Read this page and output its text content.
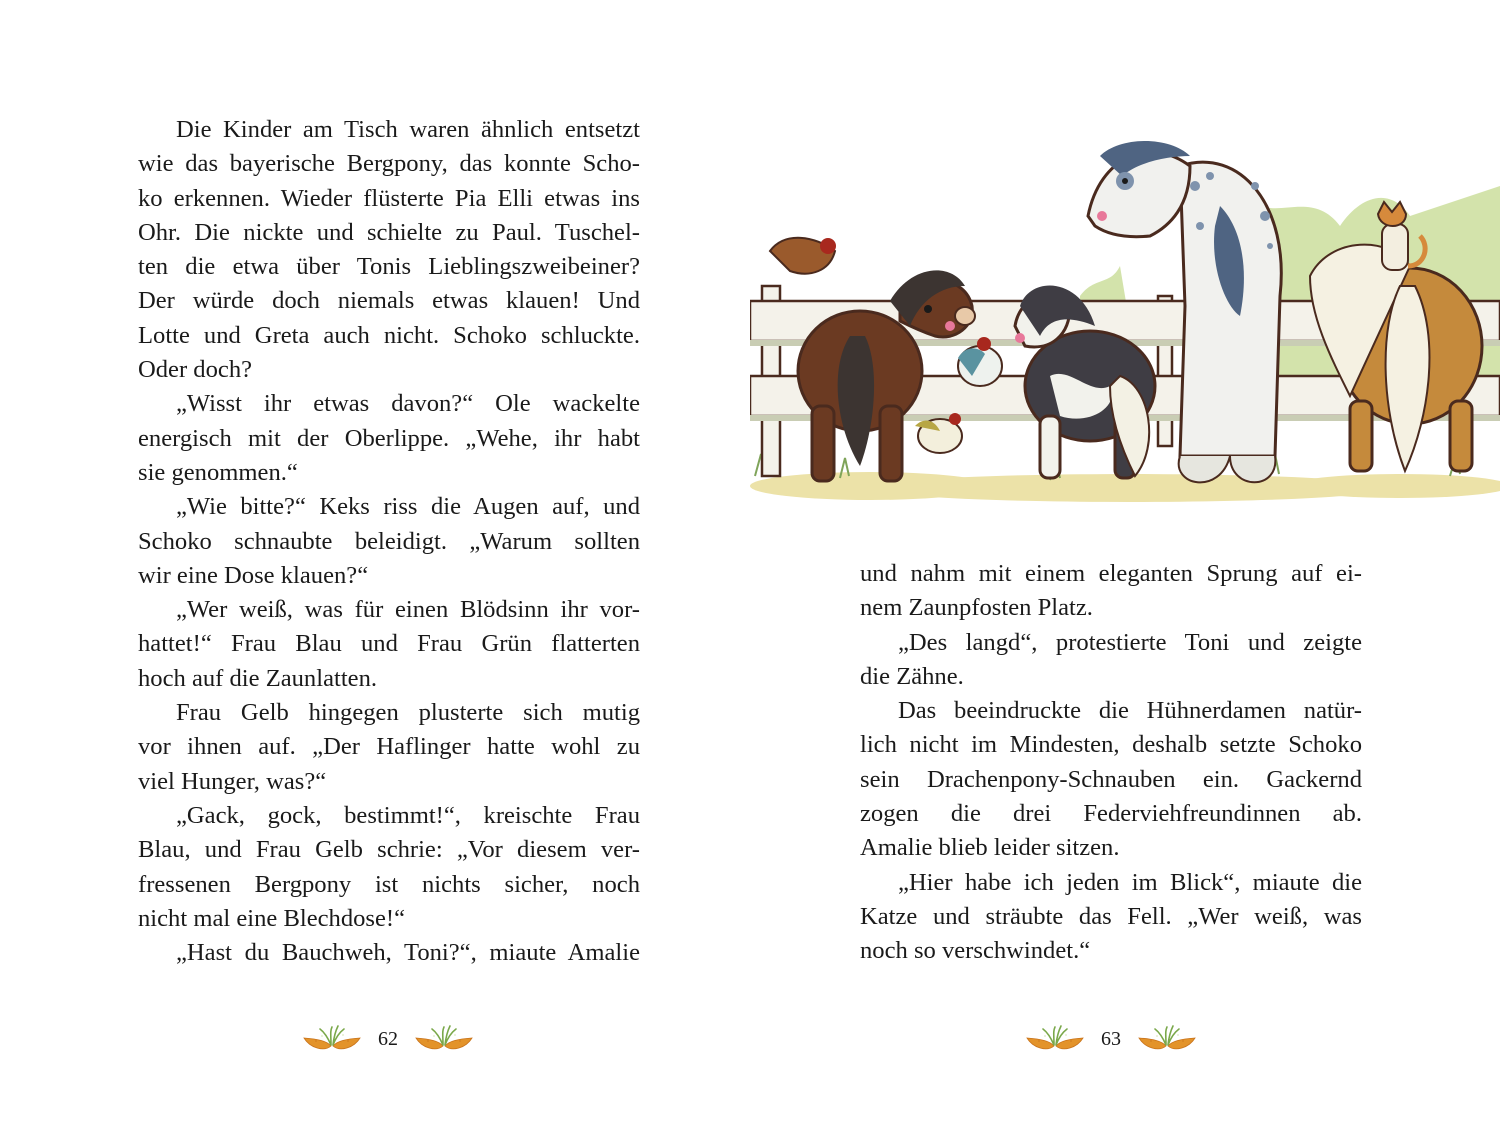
Die Kinder am Tisch waren ähnlich entsetzt
wie das bayerische Bergpony, das konnte Scho-
ko erkennen. Wieder flüsterte Pia Elli etwas ins
Ohr. Die nickte und schielte zu Paul. Tuschel-
ten die etwa über Tonis Lieblingszweibeiner?
Der würde doch niemals etwas klauen! Und
Lotte und Greta auch nicht. Schoko schluckte.
Oder doch?

„Wisst ihr etwas davon?“ Ole wackelte
energisch mit der Oberlippe. „Wehe, ihr habt
sie genommen.“

„Wie bitte?“ Keks riss die Augen auf, und
Schoko schnaubte beleidigt. „Warum sollten
wir eine Dose klauen?“

„Wer weiß, was für einen Blödsinn ihr vor-
hattet!“ Frau Blau und Frau Grün flatterten
hoch auf die Zaunlatten.

Frau Gelb hingegen plusterte sich mutig
vor ihnen auf. „Der Haflinger hatte wohl zu
viel Hunger, was?“

„Gack, gock, bestimmt!“, kreischte Frau
Blau, und Frau Gelb schrie: „Vor diesem ver-
fressenen Bergpony ist nichts sicher, noch
nicht mal eine Blechdose!“

„Hast du Bauchweh, Toni?“, miaute Amalie

62

und nahm mit einem eleganten Sprung auf ei-
nem Zaunpfosten Platz.

„Des langd“, protestierte Toni und zeigte
die Zähne.

Das beeindruckte die Hühnerdamen natür-
lich nicht im Mindesten, deshalb setzte Schoko
sein Drachenpony-Schnauben ein. Gackernd
zogen die drei Federviehfreundinnen ab.
Amalie blieb leider sitzen.

„Hier habe ich jeden im Blick“, miaute die
Katze und sträubte das Fell. „Wer weiß, was
noch so verschwindet.“

63
